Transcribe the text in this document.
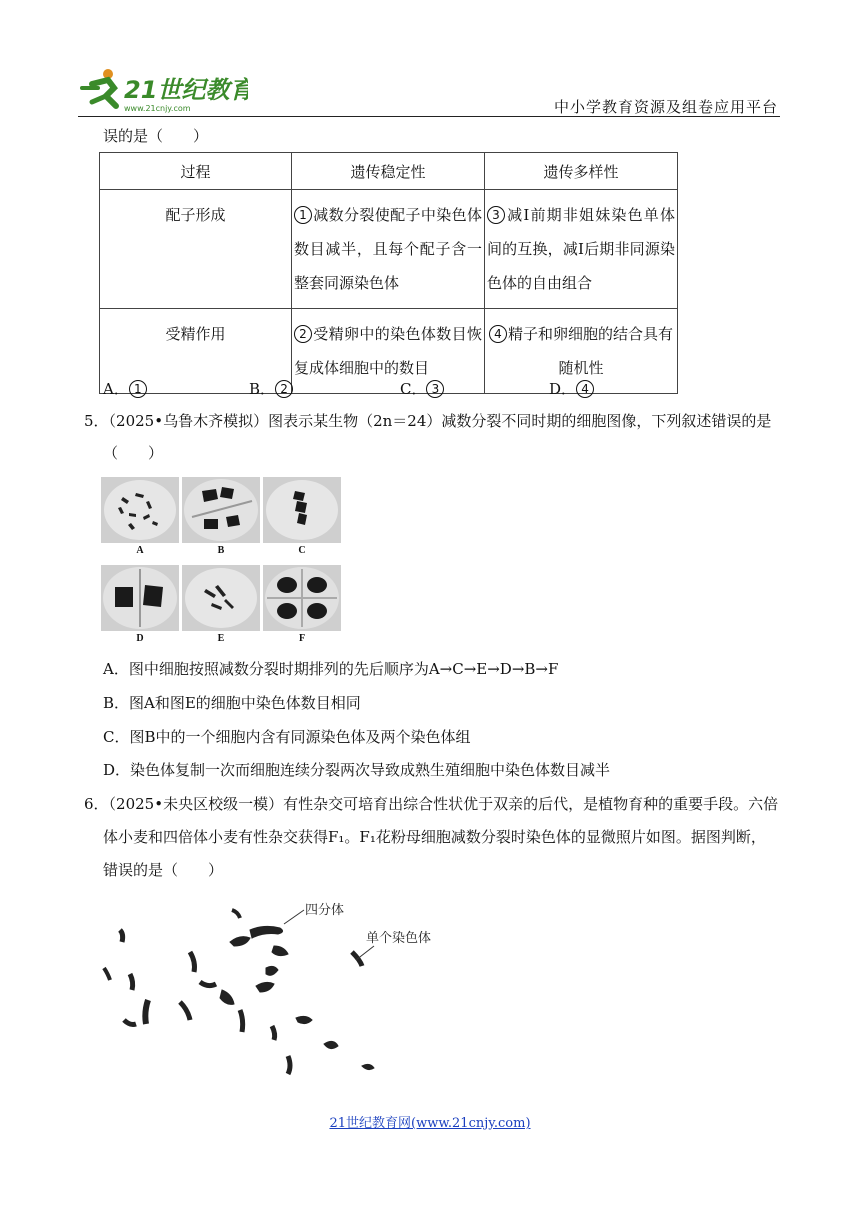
21世纪教育
www.21cnjy.com	中小学教育资源及组卷应用平台
误的是（　　）
过程	遗传稳定性	遗传多样性

配子形成	1 减数分裂使配子中染色体数目减半，且每个配子含一整套同源染色体	3 减Ⅰ前期非姐妹染色单体间的互换，减Ⅰ后期非同源染色体的自由组合

受精作用	2 受精卵中的染色体数目恢复成体细胞中的数目	4 精子和卵细胞的结合具有随机性
A． 1	B． 2	C． 3	D． 4
5．（2025•乌鲁木齐模拟）图表示某生物（2n＝24）减数分裂不同时期的细胞图像，下列叙述错误的是
（　　）
A	B	C
D	E	F
A．图中细胞按照减数分裂时期排列的先后顺序为A→C→E→D→B→F
B．图A和图E的细胞中染色体数目相同
C．图B中的一个细胞内含有同源染色体及两个染色体组
D．染色体复制一次而细胞连续分裂两次导致成熟生殖细胞中染色体数目减半
6．（2025•未央区校级一模）有性杂交可培育出综合性状优于双亲的后代，是植物育种的重要手段。六倍
体小麦和四倍体小麦有性杂交获得F₁。F₁花粉母细胞减数分裂时染色体的显微照片如图。据图判断，
错误的是（　　）
四分体
单个染色体
21世纪教育网(www.21cnjy.com)
